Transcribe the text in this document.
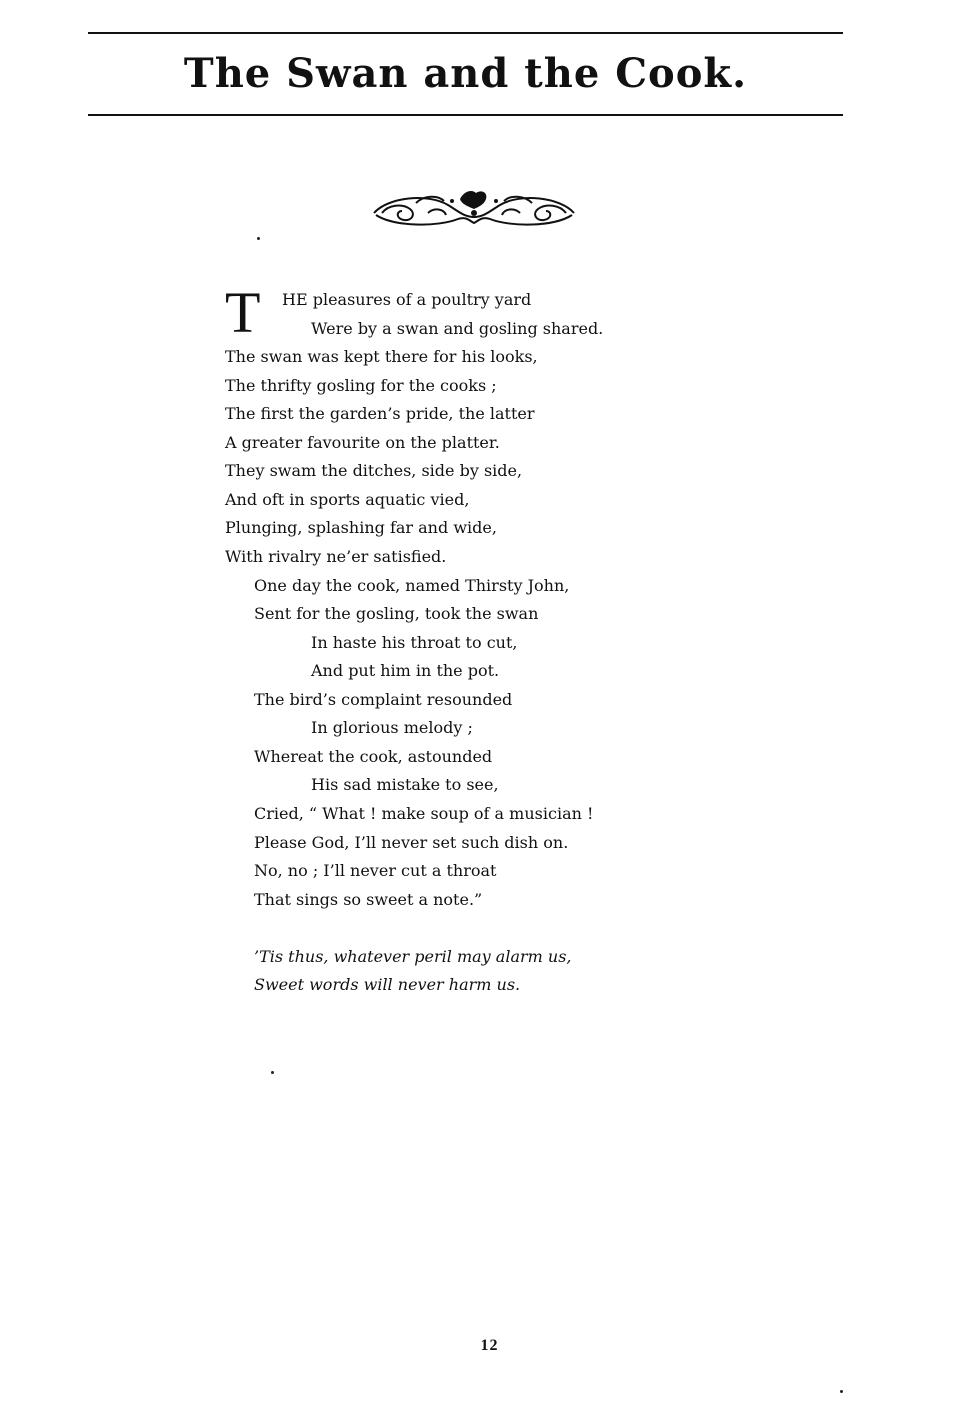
The Swan and the Cook.
T HE pleasures of a poultry yard
Were by a swan and gosling shared.
The swan was kept there for his looks,
The thrifty gosling for the cooks ;
The first the garden’s pride, the latter
A greater favourite on the platter.
They swam the ditches, side by side,
And oft in sports aquatic vied,
Plunging, splashing far and wide,
With rivalry ne’er satisfied.
One day the cook, named Thirsty John,
Sent for the gosling, took the swan
In haste his throat to cut,
And put him in the pot.
The bird’s complaint resounded
In glorious melody ;
Whereat the cook, astounded
His sad mistake to see,
Cried, “ What ! make soup of a musician !
Please God, I’ll never set such dish on.
No, no ; I’ll never cut a throat
That sings so sweet a note.”
’Tis thus, whatever peril may alarm us,
Sweet words will never harm us.
12
